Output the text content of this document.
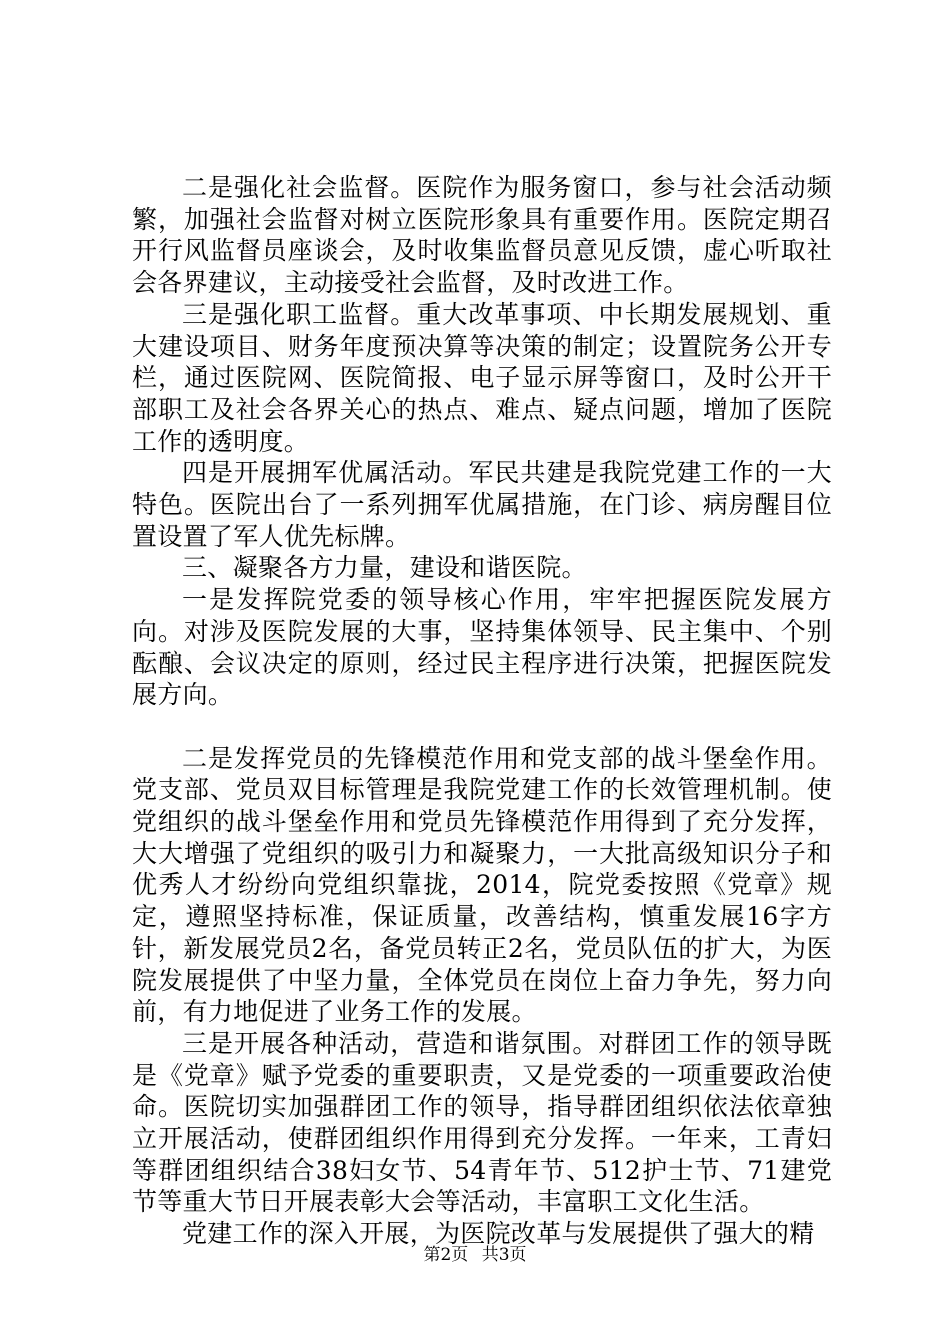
二是强化社会监督。医院作为服务窗口，参与社会活动频繁，加强社会监督对树立医院形象具有重要作用。医院定期召开行风监督员座谈会，及时收集监督员意见反馈，虚心听取社会各界建议，主动接受社会监督，及时改进工作。

三是强化职工监督。重大改革事项、中长期发展规划、重大建设项目、财务年度预决算等决策的制定；设置院务公开专栏，通过医院网、医院简报、电子显示屏等窗口，及时公开干部职工及社会各界关心的热点、难点、疑点问题，增加了医院工作的透明度。

四是开展拥军优属活动。军民共建是我院党建工作的一大特色。医院出台了一系列拥军优属措施，在门诊、病房醒目位置设置了军人优先标牌。

三、凝聚各方力量，建设和谐医院。

一是发挥院党委的领导核心作用，牢牢把握医院发展方向。对涉及医院发展的大事，坚持集体领导、民主集中、个别酝酿、会议决定的原则，经过民主程序进行决策，把握医院发展方向。

二是发挥党员的先锋模范作用和党支部的战斗堡垒作用。党支部、党员双目标管理是我院党建工作的长效管理机制。使党组织的战斗堡垒作用和党员先锋模范作用得到了充分发挥，大大增强了党组织的吸引力和凝聚力，一大批高级知识分子和优秀人才纷纷向党组织靠拢，2014，院党委按照《党章》规定，遵照坚持标准，保证质量，改善结构，慎重发展16字方针，新发展党员2名，备党员转正2名，党员队伍的扩大，为医院发展提供了中坚力量，全体党员在岗位上奋力争先，努力向前，有力地促进了业务工作的发展。

三是开展各种活动，营造和谐氛围。对群团工作的领导既是《党章》赋予党委的重要职责，又是党委的一项重要政治使命。医院切实加强群团工作的领导，指导群团组织依法依章独立开展活动，使群团组织作用得到充分发挥。一年来，工青妇等群团组织结合38妇女节、54青年节、512护士节、71建党节等重大节日开展表彰大会等活动，丰富职工文化生活。

党建工作的深入开展，为医院改革与发展提供了强大的精

第2页 共3页
